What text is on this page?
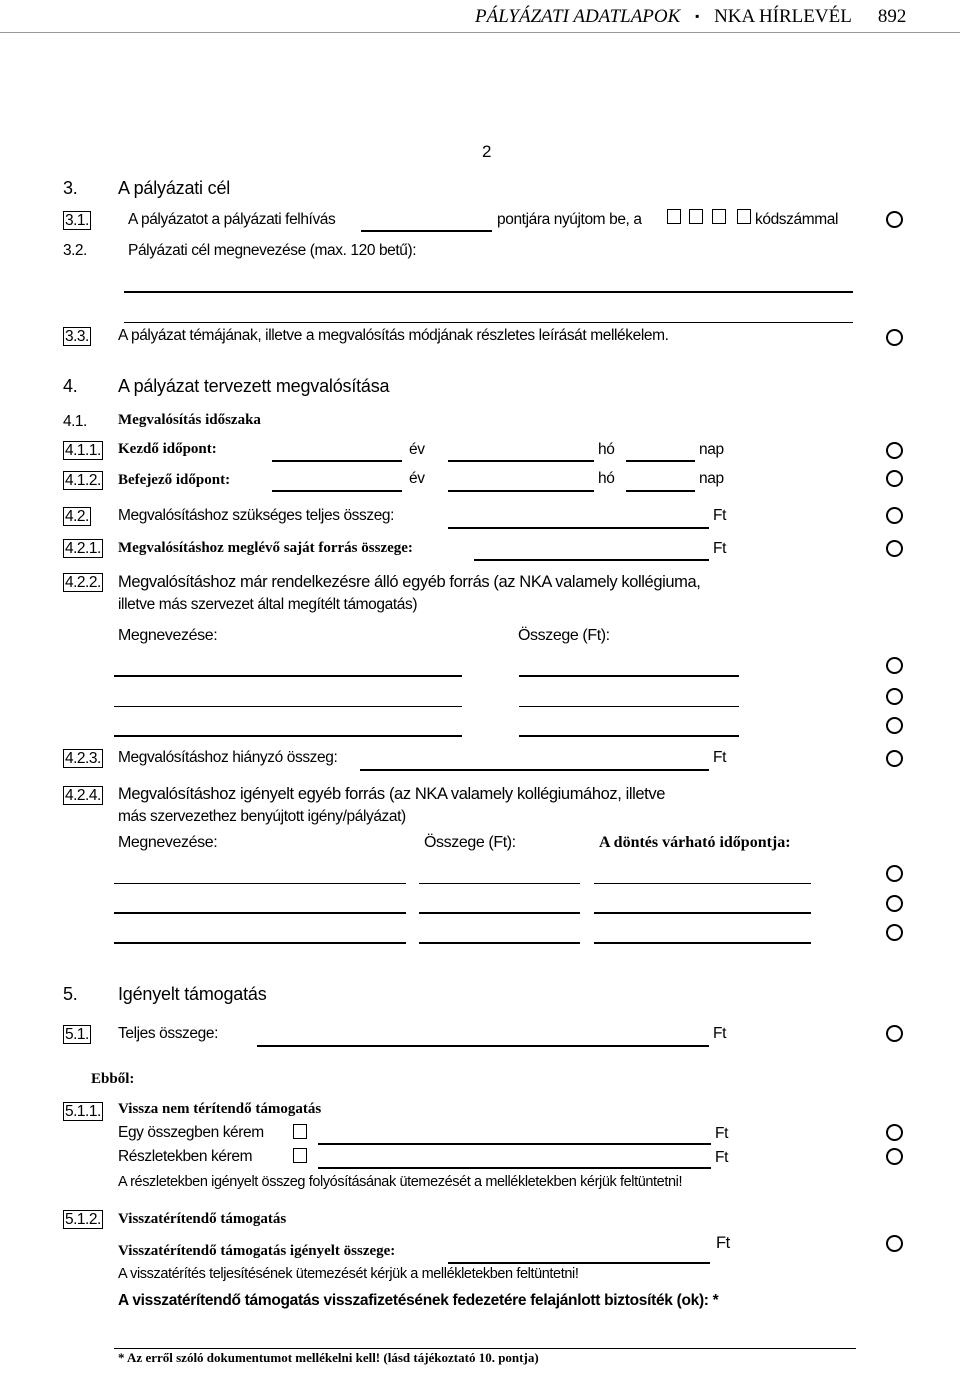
PÁLYÁZATI ADATLAPOK ▪ NKA HÍRLEVÉL 892
2
3. A pályázati cél
3.1.	A pályázatot a pályázati felhívás	pontjára nyújtom be, a	kódszámmal
3.2.	Pályázati cél megnevezése (max. 120 betű):
3.3. A pályázat témájának, illetve a megvalósítás módjának részletes leírását mellékelem.
4. A pályázat tervezett megvalósítása
4.1. Megvalósítás időszaka
4.1.1. Kezdő időpont:	év	hó	nap
4.1.2. Befejező időpont:	év	hó	nap
4.2. Megvalósításhoz szükséges teljes összeg:	Ft
4.2.1. Megvalósításhoz meglévő saját forrás összege:	Ft
4.2.2. Megvalósításhoz már rendelkezésre álló egyéb forrás (az NKA valamely kollégiuma,
illetve más szervezet által megítélt támogatás)
Megnevezése:	Összege (Ft):
4.2.3. Megvalósításhoz hiányzó összeg:	Ft
4.2.4. Megvalósításhoz igényelt egyéb forrás (az NKA valamely kollégiumához, illetve
más szervezethez benyújtott igény/pályázat)
Megnevezése:	Összege (Ft):	A döntés várható időpontja:
5. Igényelt támogatás
5.1. Teljes összege:	Ft
Ebből:
5.1.1. Vissza nem térítendő támogatás
Egy összegben kérem	Ft
Részletekben kérem	Ft
A részletekben igényelt összeg folyósításának ütemezését a mellékletekben kérjük feltüntetni!
5.1.2. Visszatérítendő támogatás
Visszatérítendő támogatás igényelt összege:	Ft
A visszatérítés teljesítésének ütemezését kérjük a mellékletekben feltüntetni!
A visszatérítendő támogatás visszafizetésének fedezetére felajánlott biztosíték (ok): *
* Az erről szóló dokumentumot mellékelni kell! (lásd tájékoztató 10. pontja)
